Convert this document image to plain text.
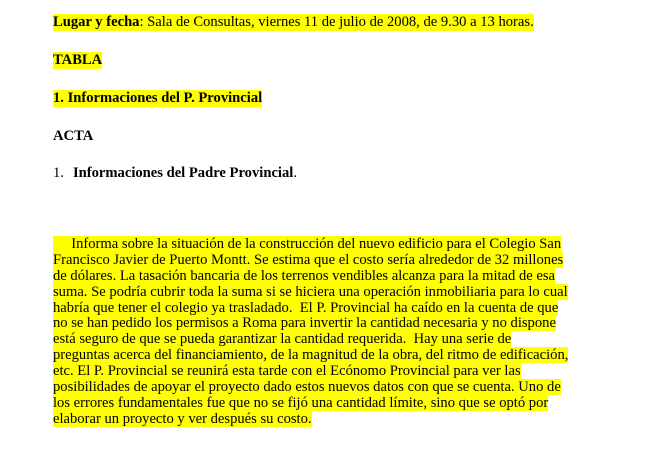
Lugar y fecha: Sala de Consultas, viernes 11 de julio de 2008, de 9.30 a 13 horas.
TABLA
1. Informaciones del P. Provincial
ACTA
1. Informaciones del Padre Provincial.
Informa sobre la situación de la construcción del nuevo edificio para el Colegio San
Francisco Javier de Puerto Montt. Se estima que el costo sería alrededor de 32 millones
de dólares. La tasación bancaria de los terrenos vendibles alcanza para la mitad de esa
suma. Se podría cubrir toda la suma si se hiciera una operación inmobiliaria para lo cual
habría que tener el colegio ya trasladado.  El P. Provincial ha caído en la cuenta de que
no se han pedido los permisos a Roma para invertir la cantidad necesaria y no dispone
está seguro de que se pueda garantizar la cantidad requerida.  Hay una serie de
preguntas acerca del financiamiento, de la magnitud de la obra, del ritmo de edificación,
etc. El P. Provincial se reunirá esta tarde con el Ecónomo Provincial para ver las
posibilidades de apoyar el proyecto dado estos nuevos datos con que se cuenta. Uno de
los errores fundamentales fue que no se fijó una cantidad límite, sino que se optó por
elaborar un proyecto y ver después su costo.
